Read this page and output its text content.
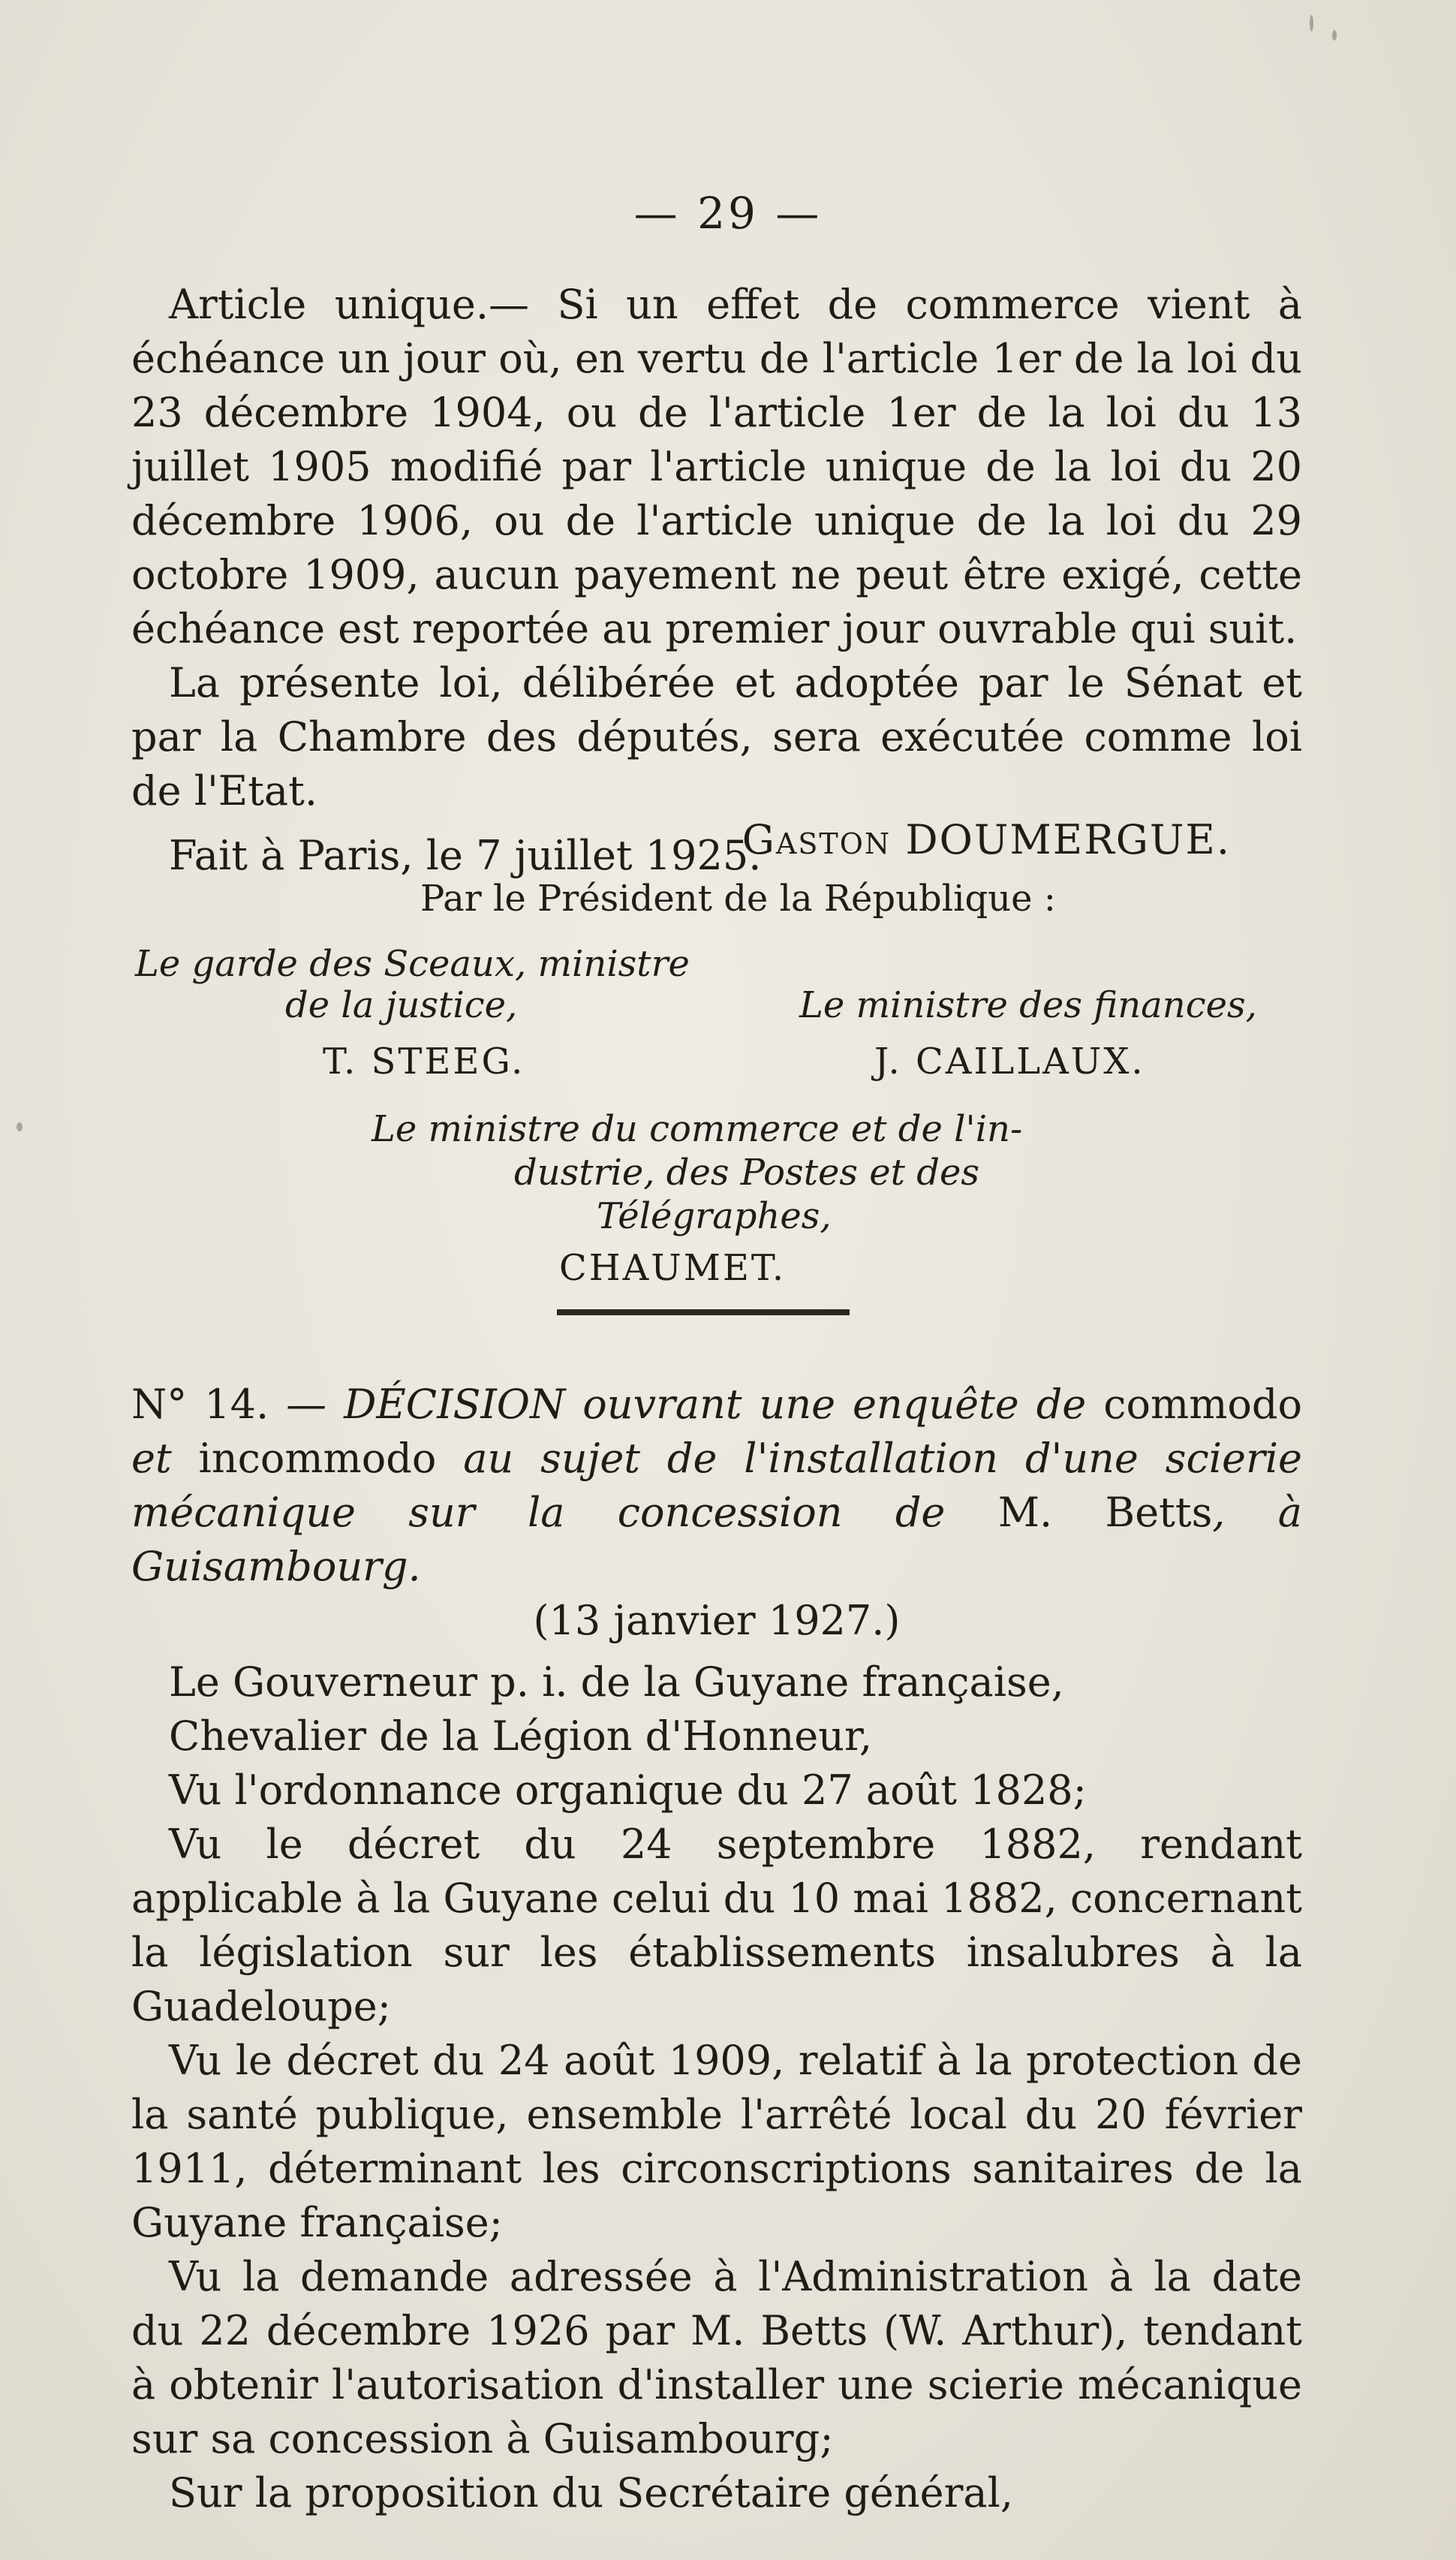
— 29 —

Article unique.— Si un effet de commerce vient à échéance un jour où, en vertu de l'article 1er de la loi du 23 décembre 1904, ou de l'article 1er de la loi du 13 juillet 1905 modifié par l'article unique de la loi du 20 décembre 1906, ou de l'article unique de la loi du 29 octobre 1909, aucun payement ne peut être exigé, cette échéance est reportée au premier jour ouvrable qui suit.

La présente loi, délibérée et adoptée par le Sénat et par la Chambre des députés, sera exécutée comme loi de l'Etat.

Fait à Paris, le 7 juillet 1925.

Gaston DOUMERGUE.
Par le Président de la République :
Le garde des Sceaux, ministre
de la justice,
T. STEEG.
Le ministre des finances,
J. CAILLAUX.
Le ministre du commerce et de l'in-
dustrie, des Postes et des
Télégraphes,
CHAUMET.

N° 14. — DÉCISION ouvrant une enquête de commodo et incommodo au sujet de l'installation d'une scierie mécanique sur la concession de M. Betts, à Guisambourg.

(13 janvier 1927.)

Le Gouverneur p. i. de la Guyane française,

Chevalier de la Légion d'Honneur,

Vu l'ordonnance organique du 27 août 1828;

Vu le décret du 24 septembre 1882, rendant applicable à la Guyane celui du 10 mai 1882, concernant la législation sur les établissements insalubres à la Guadeloupe;

Vu le décret du 24 août 1909, relatif à la protection de la santé publique, ensemble l'arrêté local du 20 février 1911, déterminant les circonscriptions sanitaires de la Guyane française;

Vu la demande adressée à l'Administration à la date du 22 décembre 1926 par M. Betts (W. Arthur), tendant à obtenir l'autorisation d'installer une scierie mécanique sur sa concession à Guisambourg;

Sur la proposition du Secrétaire général,
